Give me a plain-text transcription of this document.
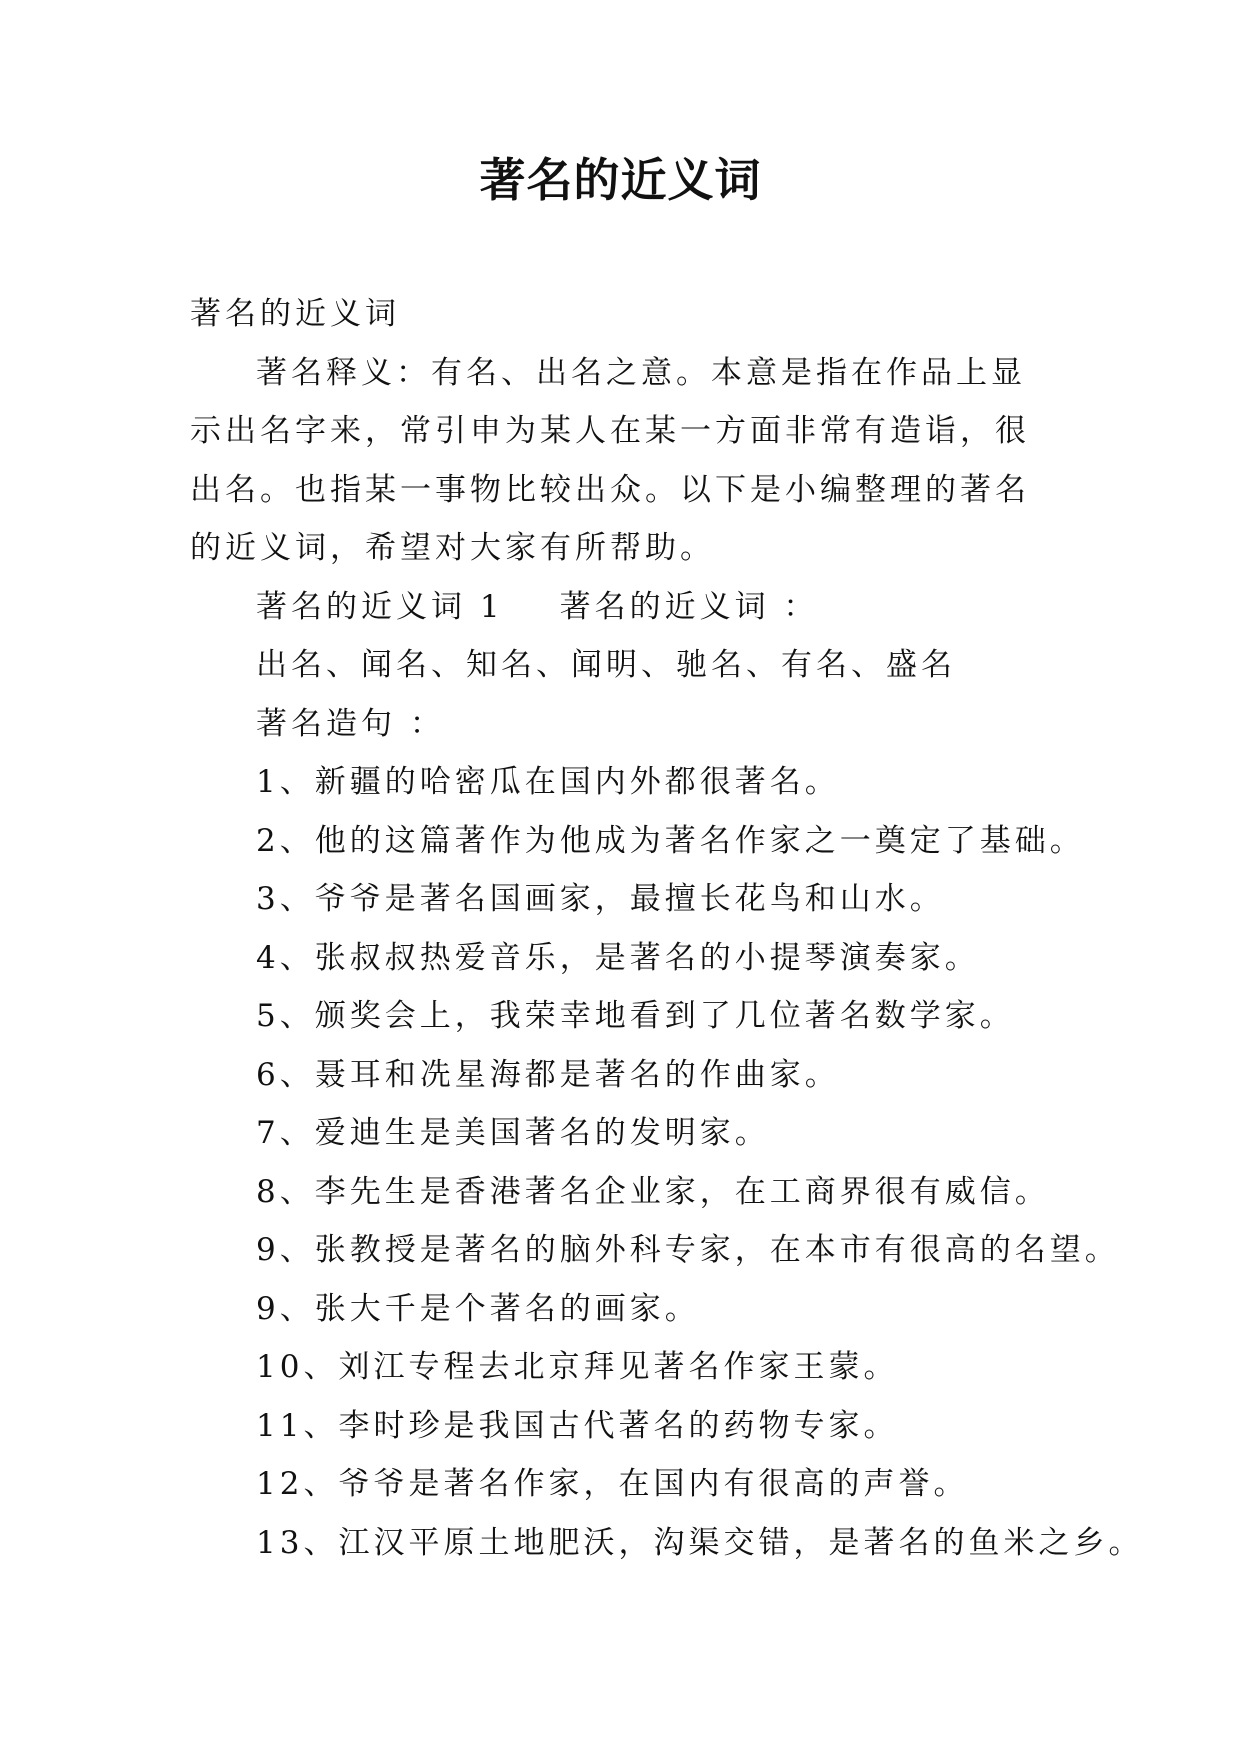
著名的近义词

著名的近义词

著名释义：有名、出名之意。本意是指在作品上显示出名字来，常引申为某人在某一方面非常有造诣，很出名。也指某一事物比较出众。以下是小编整理的著名的近义词，希望对大家有所帮助。

著名的近义词 1 著名的近义词 ：

出名、闻名、知名、闻明、驰名、有名、盛名

著名造句 ：

1、新疆的哈密瓜在国内外都很著名。

2、他的这篇著作为他成为著名作家之一奠定了基础。

3、爷爷是著名国画家，最擅长花鸟和山水。

4、张叔叔热爱音乐，是著名的小提琴演奏家。

5、颁奖会上，我荣幸地看到了几位著名数学家。

6、聂耳和冼星海都是著名的作曲家。

7、爱迪生是美国著名的发明家。

8、李先生是香港著名企业家，在工商界很有威信。

9、张教授是著名的脑外科专家，在本市有很高的名望。

9、张大千是个著名的画家。

10、刘江专程去北京拜见著名作家王蒙。

11、李时珍是我国古代著名的药物专家。

12、爷爷是著名作家，在国内有很高的声誉。

13、江汉平原土地肥沃，沟渠交错，是著名的鱼米之乡。
